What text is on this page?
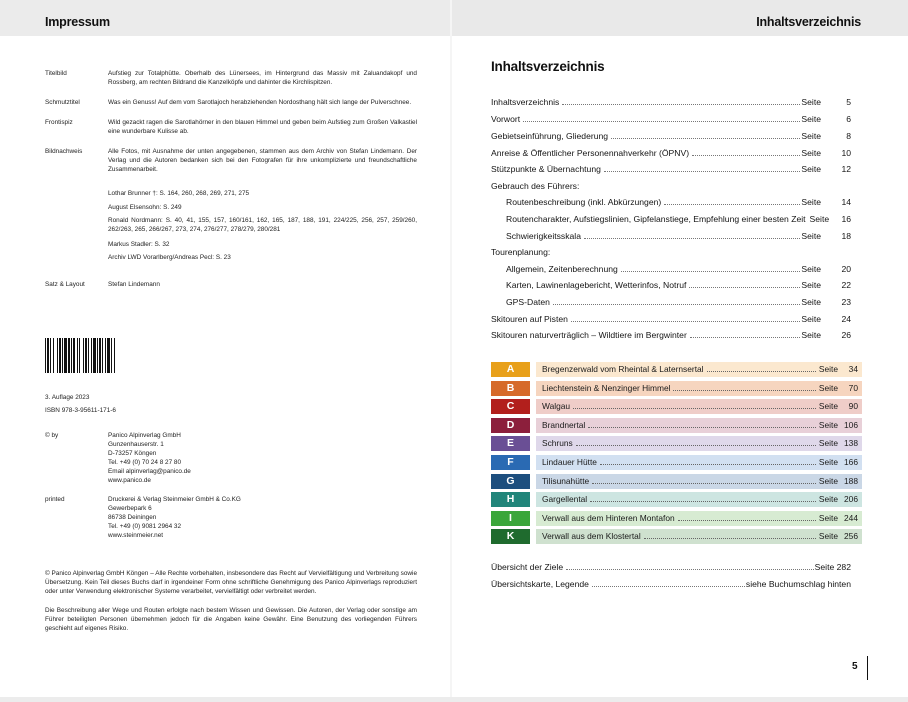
Impressum	Inhaltsverzeichnis
Titelbild	Aufstieg zur Totalphütte. Oberhalb des Lünersees, im Hintergrund das Massiv mit Zaluandakopf und Rossberg, am rechten Bildrand die Kanzelköpfe und dahinter die Kirchlispitzen.
Schmutztitel	Was ein Genuss! Auf dem vom Sarotlajoch herabziehenden Nordosthang hält sich lange der Pulverschnee.
Frontispiz	Wild gezackt ragen die Sarotlahörner in den blauen Himmel und geben beim Aufstieg zum Großen Valkastiel eine wunderbare Kulisse ab.
Bildnachweis	Alle Fotos, mit Ausnahme der unten angegebenen, stammen aus dem Archiv von Stefan Lindemann. Der Verlag und die Autoren bedanken sich bei den Fotografen für ihre unkomplizierte und freundschaftliche Zusammenarbeit.
Lothar Brunner †: S. 164, 260, 268, 269, 271, 275
August Elsensohn: S. 249
Ronald Nordmann: S. 40, 41, 155, 157, 160/161, 162, 165, 187, 188, 191, 224/225, 256, 257, 259/260, 262/263, 265, 266/267, 273, 274, 276/277, 278/279, 280/281
Markus Stadler: S. 32
Archiv LWD Vorarlberg/Andreas Pecl: S. 23
Satz & Layout	Stefan Lindemann
3. Auflage 2023
ISBN 978-3-95611-171-6
© by	Panico Alpinverlag GmbH
Gunzenhauserstr. 1
D-73257 Köngen
Tel. +49 (0) 70 24 8 27 80
Email alpinverlag@panico.de
www.panico.de
printed	Druckerei & Verlag Steinmeier GmbH & Co.KG
Gewerbepark 6
86738 Deiningen
Tel. +49 (0) 9081 2964 32
www.steinmeier.net
© Panico Alpinverlag GmbH Köngen – Alle Rechte vorbehalten, insbesondere das Recht auf Vervielfältigung und Verbreitung sowie Übersetzung. Kein Teil dieses Buchs darf in irgendeiner Form ohne schriftliche Genehmigung des Panico Alpinverlags reproduziert oder unter Verwendung elektronischer Systeme verarbeitet, vervielfältigt oder verbreitet werden.
Die Beschreibung aller Wege und Routen erfolgte nach bestem Wissen und Gewissen. Die Autoren, der Verlag oder sonstige am Führer beteiligten Personen übernehmen jedoch für die Angaben keine Gewähr. Eine Benutzung des vorliegenden Führers geschieht auf eigenes Risiko.
Inhaltsverzeichnis
Inhaltsverzeichnis	Seite	5
Vorwort	Seite	6
Gebietseinführung, Gliederung	Seite	8
Anreise & Öffentlicher Personennahverkehr (ÖPNV)	Seite	10
Stützpunkte & Übernachtung	Seite	12
Gebrauch des Führers:
Routenbeschreibung (inkl. Abkürzungen)	Seite	14
Routencharakter, Aufstiegslinien, Gipfelanstiege, Empfehlung einer besten Zeit Seite	16
Schwierigkeitsskala	Seite	18
Tourenplanung:
Allgemein, Zeitenberechnung	Seite	20
Karten, Lawinenlagebericht, Wetterinfos, Notruf	Seite	22
GPS-Daten	Seite	23
Skitouren auf Pisten	Seite	24
Skitouren naturverträglich – Wildtiere im Bergwinter	Seite	26
A	Bregenzerwald vom Rheintal & Laternsertal	Seite	34
B	Liechtenstein & Nenzinger Himmel	Seite	70
C	Walgau	Seite	90
D	Brandnertal	Seite 106
E	Schruns	Seite 138
F	Lindauer Hütte	Seite 166
G	Tilisunahütte	Seite 188
H	Gargellental	Seite 206
I	Verwall aus dem Hinteren Montafon	Seite 244
K	Verwall aus dem Klostertal	Seite 256
Übersicht der Ziele	Seite 282
Übersichtskarte, Legende	siehe Buchumschlag hinten
5
